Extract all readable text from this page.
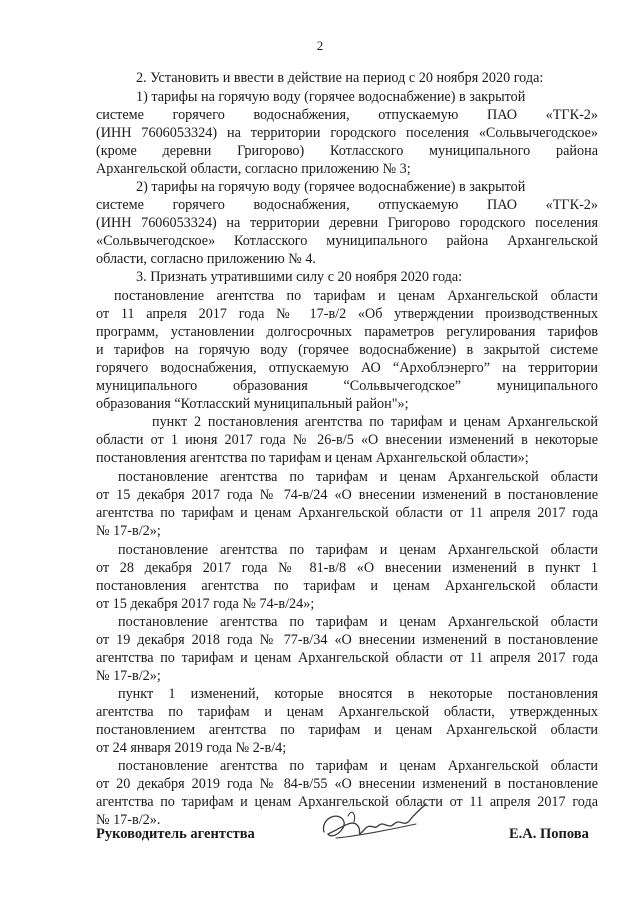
2
2. Установить и ввести в действие на период с 20 ноября 2020 года:
1) тарифы на горячую воду (горячее водоснабжение) в закрытой
системе горячего водоснабжения, отпускаемую ПАО «ТГК-2»
(ИНН 7606053324) на территории городского поселения «Сольвычегодское»
(кроме деревни Григорово) Котласского муниципального района
Архангельской области, согласно приложению № 3;
2) тарифы на горячую воду (горячее водоснабжение) в закрытой
системе горячего водоснабжения, отпускаемую ПАО «ТГК-2»
(ИНН 7606053324) на территории деревни Григорово городского поселения
«Сольвычегодское» Котласского муниципального района Архангельской
области, согласно приложению № 4.
3. Признать утратившими силу с 20 ноября 2020 года:
постановление агентства по тарифам и ценам Архангельской области
от 11 апреля 2017 года № 17-в/2 «Об утверждении производственных
программ, установлении долгосрочных параметров регулирования тарифов
и тарифов на горячую воду (горячее водоснабжение) в закрытой системе
горячего водоснабжения, отпускаемую АО “Архоблэнерго” на территории
муниципального образования “Сольвычегодское” муниципального
образования “Котласский муниципальный район"»;
пункт 2 постановления агентства по тарифам и ценам Архангельской
области от 1 июня 2017 года № 26-в/5 «О внесении изменений в некоторые
постановления агентства по тарифам и ценам Архангельской области»;
постановление агентства по тарифам и ценам Архангельской области
от 15 декабря 2017 года № 74-в/24 «О внесении изменений в постановление
агентства по тарифам и ценам Архангельской области от 11 апреля 2017 года
№ 17-в/2»;
постановление агентства по тарифам и ценам Архангельской области
от 28 декабря 2017 года № 81-в/8 «О внесении изменений в пункт 1
постановления агентства по тарифам и ценам Архангельской области
от 15 декабря 2017 года № 74-в/24»;
постановление агентства по тарифам и ценам Архангельской области
от 19 декабря 2018 года № 77-в/34 «О внесении изменений в постановление
агентства по тарифам и ценам Архангельской области от 11 апреля 2017 года
№ 17-в/2»;
пункт 1 изменений, которые вносятся в некоторые постановления
агентства по тарифам и ценам Архангельской области, утвержденных
постановлением агентства по тарифам и ценам Архангельской области
от 24 января 2019 года № 2-в/4;
постановление агентства по тарифам и ценам Архангельской области
от 20 декабря 2019 года № 84-в/55 «О внесении изменений в постановление
агентства по тарифам и ценам Архангельской области от 11 апреля 2017 года
№ 17-в/2».
Руководитель агентства	Е.А. Попова
